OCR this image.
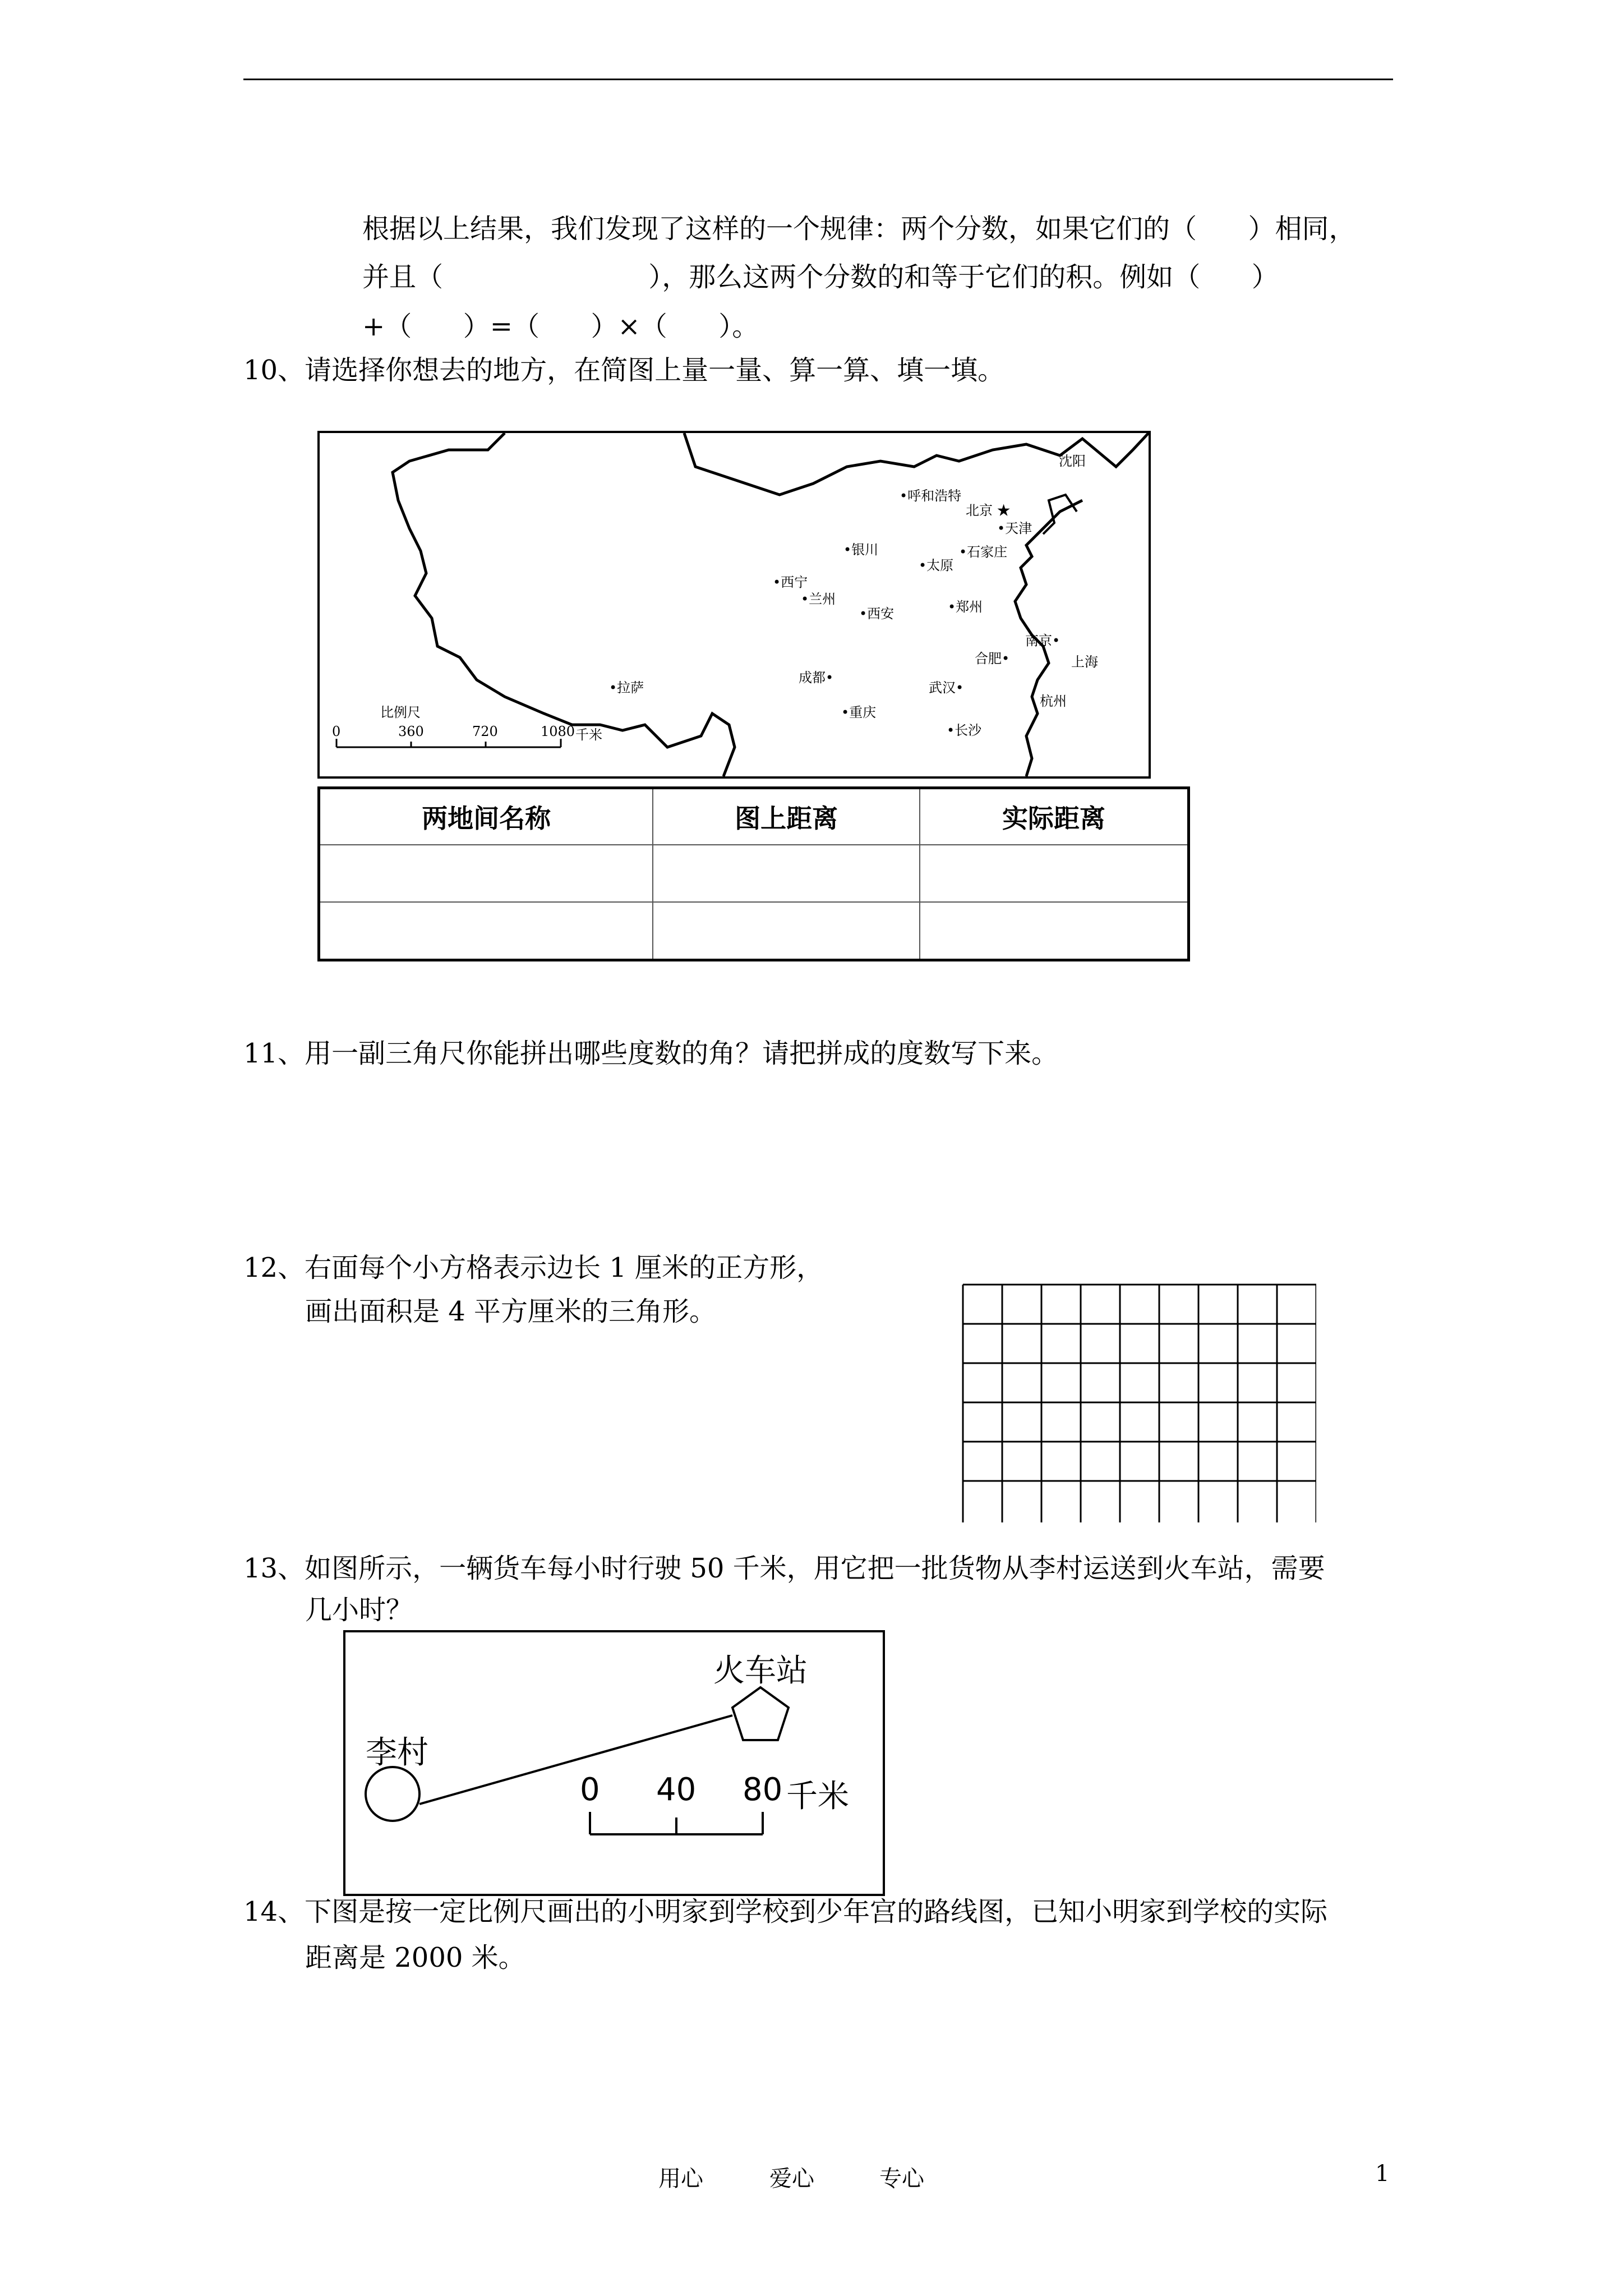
根据以上结果，我们发现了这样的一个规律：两个分数，如果它们的（      ）相同，
并且（                        ），那么这两个分数的和等于它们的积。例如（      ）
+（      ）=（      ）×（      ）。
10、请选择你想去的地方，在简图上量一量、算一算、填一填。
沈阳
•呼和浩特
北京 ★
•天津
•银川	•石家庄
•太原
•西宁
•兰州
•西安	•郑州
南京•
上海
合肥•
•拉萨
成都•
武汉•
杭州
•重庆
•长沙
比例尺
0	360	720	1080 千米
两地间名称	图上距离	实际距离

11、用一副三角尺你能拼出哪些度数的角？请把拼成的度数写下来。
12、右面每个小方格表示边长 1 厘米的正方形，
画出面积是 4 平方厘米的三角形。
13、如图所示，一辆货车每小时行驶 50 千米，用它把一批货物从李村运送到火车站，需要
几小时？
火车站
李村
0 40 80 千米
14、下图是按一定比例尺画出的小明家到学校到少年宫的路线图，已知小明家到学校的实际
距离是 2000 米。
用心	爱心	专心	1
